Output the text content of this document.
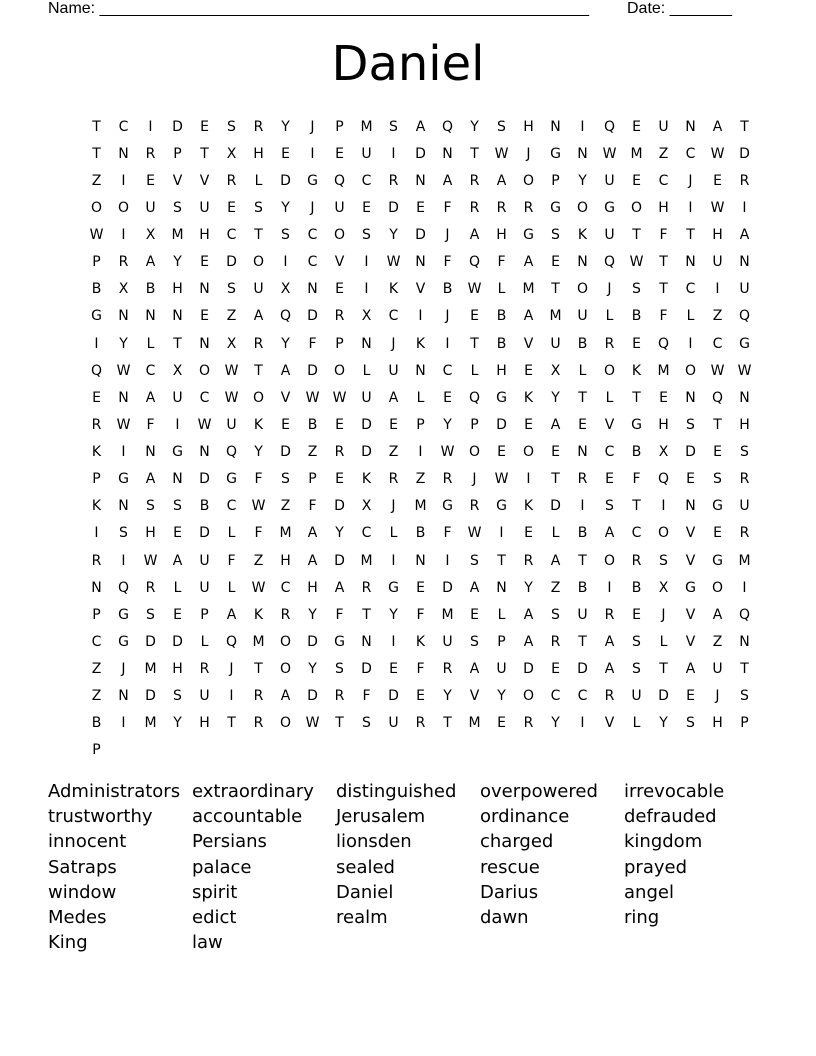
Name: _______________________________________________________ Date: _______
Daniel
T	C	I	D	E	S	R	Y	J	P	M	S	A	Q	Y	S	H	N	I	Q	E	U	N	A	T
T	N	R	P	T	X	H	E	I	E	U	I	D	N	T	W	J	G	N	W	M	Z	C	W	D
Z	I	E	V	V	R	L	D	G	Q	C	R	N	A	R	A	O	P	Y	U	E	C	J	E	R
O	O	U	S	U	E	S	Y	J	U	E	D	E	F	R	R	R	G	O	G	O	H	I	W	I
W	I	X	M	H	C	T	S	C	O	S	Y	D	J	A	H	G	S	K	U	T	F	T	H	A
P	R	A	Y	E	D	O	I	C	V	I	W	N	F	Q	F	A	E	N	Q	W	T	N	U	N
B	X	B	H	N	S	U	X	N	E	I	K	V	B	W	L	M	T	O	J	S	T	C	I	U
G	N	N	N	E	Z	A	Q	D	R	X	C	I	J	E	B	A	M	U	L	B	F	L	Z	Q
I	Y	L	T	N	X	R	Y	F	P	N	J	K	I	T	B	V	U	B	R	E	Q	I	C	G
Q	W	C	X	O	W	T	A	D	O	L	U	N	C	L	H	E	X	L	O	K	M	O	W W
E	N	A	U	C	W	O	V	W W	U	A	L	E	Q	G	K	Y	T	L	T	E	N	Q	N
R	W	F	I	W	U	K	E	B	E	D	E	P	Y	P	D	E	A	E	V	G	H	S	T	H
K	I	N	G	N	Q	Y	D	Z	R	D	Z	I	W	O	E	O	E	N	C	B	X	D	E	S
P	G	A	N	D	G	F	S	P	E	K	R	Z	R	J	W	I	T	R	E	F	Q	E	S	R
K	N	S	S	B	C	W	Z	F	D	X	J	M	G	R	G	K	D	I	S	T	I	N	G	U
I	S	H	E	D	L	F	M	A	Y	C	L	B	F	W	I	E	L	B	A	C	O	V	E	R
R	I	W	A	U	F	Z	H	A	D	M	I	N	I	S	T	R	A	T	O	R	S	V	G	M
N	Q	R	L	U	L	W	C	H	A	R	G	E	D	A	N	Y	Z	B	I	B	X	G	O	I
P	G	S	E	P	A	K	R	Y	F	T	Y	F	M	E	L	A	S	U	R	E	J	V	A	Q
C	G	D	D	L	Q	M	O	D	G	N	I	K	U	S	P	A	R	T	A	S	L	V	Z	N
Z	J	M	H	R	J	T	O	Y	S	D	E	F	R	A	U	D	E	D	A	S	T	A	U	T
Z	N	D	S	U	I	R	A	D	R	F	D	E	Y	V	Y	O	C	C	R	U	D	E	J	S
B	I	M	Y	H	T	R	O	W	T	S	U	R	T	M	E	R	Y	I	V	L	Y	S	H	P
P
Administrators extraordinary	distinguished	overpowered	irrevocable
trustworthy	accountable	Jerusalem	ordinance	defrauded
innocent	Persians	lionsden	charged	kingdom
Satraps	palace	sealed	rescue	prayed
window	spirit	Daniel	Darius	angel
Medes	edict	realm	dawn	ring
King	law
